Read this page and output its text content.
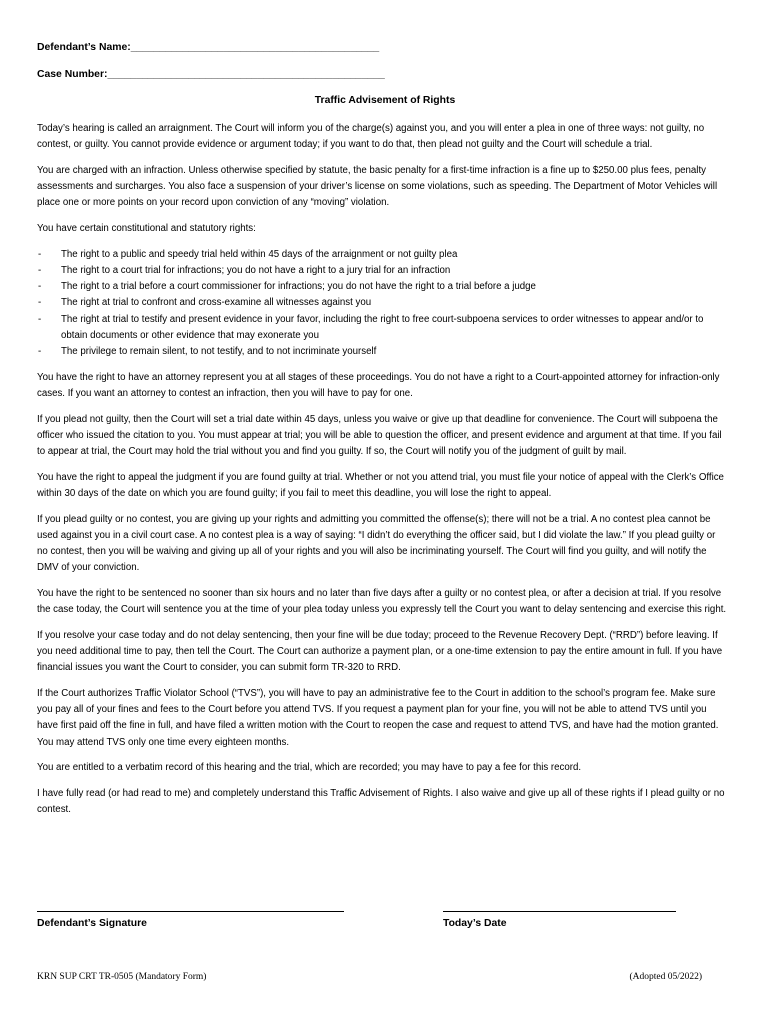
Defendant’s Name:___________________________________________
Case Number:________________________________________________
Traffic Advisement of Rights

Today’s hearing is called an arraignment. The Court will inform you of the charge(s) against you, and you will enter a plea in one of three ways: not guilty, no contest, or guilty. You cannot provide evidence or argument today; if you want to do that, then plead not guilty and the Court will schedule a trial.

You are charged with an infraction. Unless otherwise specified by statute, the basic penalty for a first-time infraction is a fine up to $250.00 plus fees, penalty assessments and surcharges. You also face a suspension of your driver’s license on some violations, such as speeding. The Department of Motor Vehicles will place one or more points on your record upon conviction of any “moving” violation.

You have certain constitutional and statutory rights:

- The right to a public and speedy trial held within 45 days of the arraignment or not guilty plea
- The right to a court trial for infractions; you do not have a right to a jury trial for an infraction
- The right to a trial before a court commissioner for infractions; you do not have the right to a trial before a judge
- The right at trial to confront and cross-examine all witnesses against you
- The right at trial to testify and present evidence in your favor, including the right to free court-subpoena services to order witnesses to appear and/or to obtain documents or other evidence that may exonerate you
- The privilege to remain silent, to not testify, and to not incriminate yourself

You have the right to have an attorney represent you at all stages of these proceedings. You do not have a right to a Court-appointed attorney for infraction-only cases. If you want an attorney to contest an infraction, then you will have to pay for one.

If you plead not guilty, then the Court will set a trial date within 45 days, unless you waive or give up that deadline for convenience. The Court will subpoena the officer who issued the citation to you. You must appear at trial; you will be able to question the officer, and present evidence and argument at that time. If you fail to appear at trial, the Court may hold the trial without you and find you guilty. If so, the Court will notify you of the judgment of guilt by mail.

You have the right to appeal the judgment if you are found guilty at trial. Whether or not you attend trial, you must file your notice of appeal with the Clerk’s Office within 30 days of the date on which you are found guilty; if you fail to meet this deadline, you will lose the right to appeal.

If you plead guilty or no contest, you are giving up your rights and admitting you committed the offense(s); there will not be a trial. A no contest plea cannot be used against you in a civil court case. A no contest plea is a way of saying: “I didn’t do everything the officer said, but I did violate the law.” If you plead guilty or no contest, then you will be waiving and giving up all of your rights and you will also be incriminating yourself. The Court will find you guilty, and will notify the DMV of your conviction.

You have the right to be sentenced no sooner than six hours and no later than five days after a guilty or no contest plea, or after a decision at trial. If you resolve the case today, the Court will sentence you at the time of your plea today unless you expressly tell the Court you want to delay sentencing and exercise this right.

If you resolve your case today and do not delay sentencing, then your fine will be due today; proceed to the Revenue Recovery Dept. (“RRD”) before leaving. If you need additional time to pay, then tell the Court. The Court can authorize a payment plan, or a one-time extension to pay the entire amount in full. If you have financial issues you want the Court to consider, you can submit form TR-320 to RRD.

If the Court authorizes Traffic Violator School (“TVS”), you will have to pay an administrative fee to the Court in addition to the school’s program fee. Make sure you pay all of your fines and fees to the Court before you attend TVS. If you request a payment plan for your fine, you will not be able to attend TVS until you have first paid off the fine in full, and have filed a written motion with the Court to reopen the case and request to attend TVS, and have had the motion granted. You may attend TVS only one time every eighteen months.

You are entitled to a verbatim record of this hearing and the trial, which are recorded; you may have to pay a fee for this record.

I have fully read (or had read to me) and completely understand this Traffic Advisement of Rights. I also waive and give up all of these rights if I plead guilty or no contest.

Defendant’s Signature	Today’s Date
KRN SUP CRT TR-0505 (Mandatory Form)	(Adopted 05/2022)
